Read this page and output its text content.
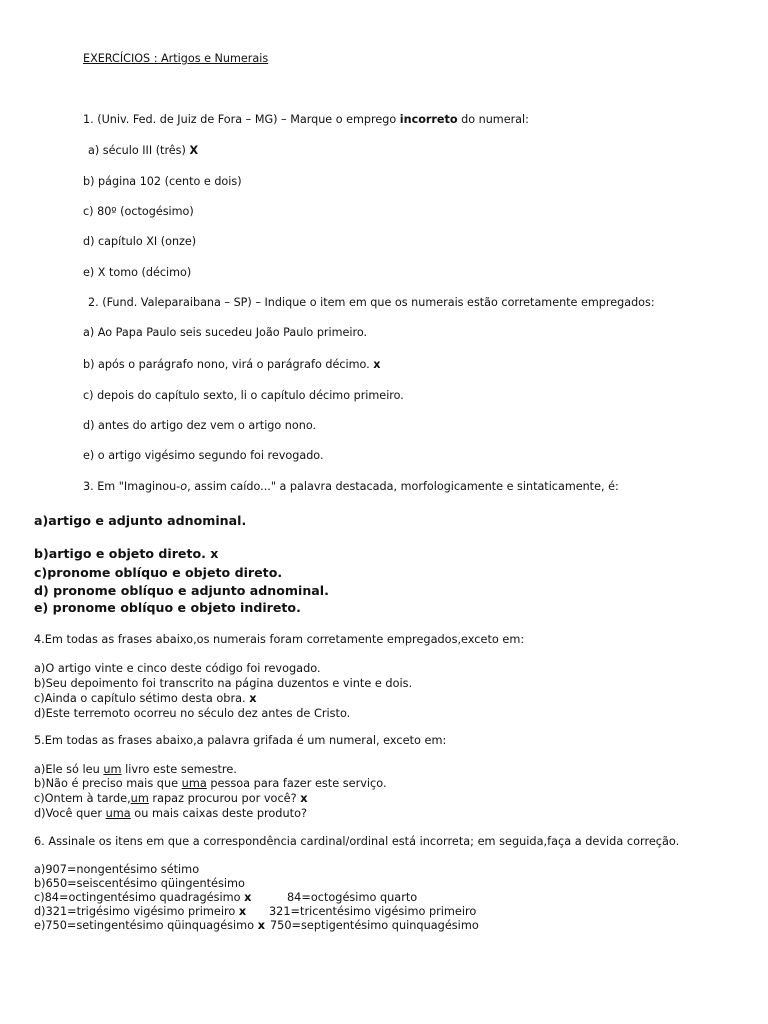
EXERCÍCIOS : Artigos e Numerais
1. (Univ. Fed. de Juiz de Fora – MG) – Marque o emprego incorreto do numeral:
a) século III (três) X
b) página 102 (cento e dois)
c) 80º (octogésimo)
d) capítulo XI (onze)
e) X tomo (décimo)
2. (Fund. Valeparaibana – SP) – Indique o item em que os numerais estão corretamente empregados:
a) Ao Papa Paulo seis sucedeu João Paulo primeiro.
b) após o parágrafo nono, virá o parágrafo décimo. x
c) depois do capítulo sexto, li o capítulo décimo primeiro.
d) antes do artigo dez vem o artigo nono.
e) o artigo vigésimo segundo foi revogado.
3. Em "Imaginou-o, assim caído..." a palavra destacada, morfologicamente e sintaticamente, é:
a)artigo e adjunto adnominal.
b)artigo e objeto direto. x
c)pronome oblíquo e objeto direto.
d) pronome oblíquo e adjunto adnominal.
e) pronome oblíquo e objeto indireto.
4.Em todas as frases abaixo,os numerais foram corretamente empregados,exceto em:
a)O artigo vinte e cinco deste código foi revogado.
b)Seu depoimento foi transcrito na página duzentos e vinte e dois.
c)Ainda o capítulo sétimo desta obra. x
d)Este terremoto ocorreu no século dez antes de Cristo.
5.Em todas as frases abaixo,a palavra grifada é um numeral, exceto em:
a)Ele só leu um livro este semestre.
b)Não é preciso mais que uma pessoa para fazer este serviço.
c)Ontem à tarde,um rapaz procurou por você? x
d)Você quer uma ou mais caixas deste produto?
6. Assinale os itens em que a correspondência cardinal/ordinal está incorreta; em seguida,faça a devida correção.
a)907=nongentésimo sétimo
b)650=seiscentésimo qüingentésimo
c)84=octingentésimo quadragésimo x	84=octogésimo quarto
d)321=trigésimo vigésimo primeiro x 321=tricentésimo vigésimo primeiro
e)750=setingentésimo qüinquagésimo x 750=septigentésimo quinquagésimo
